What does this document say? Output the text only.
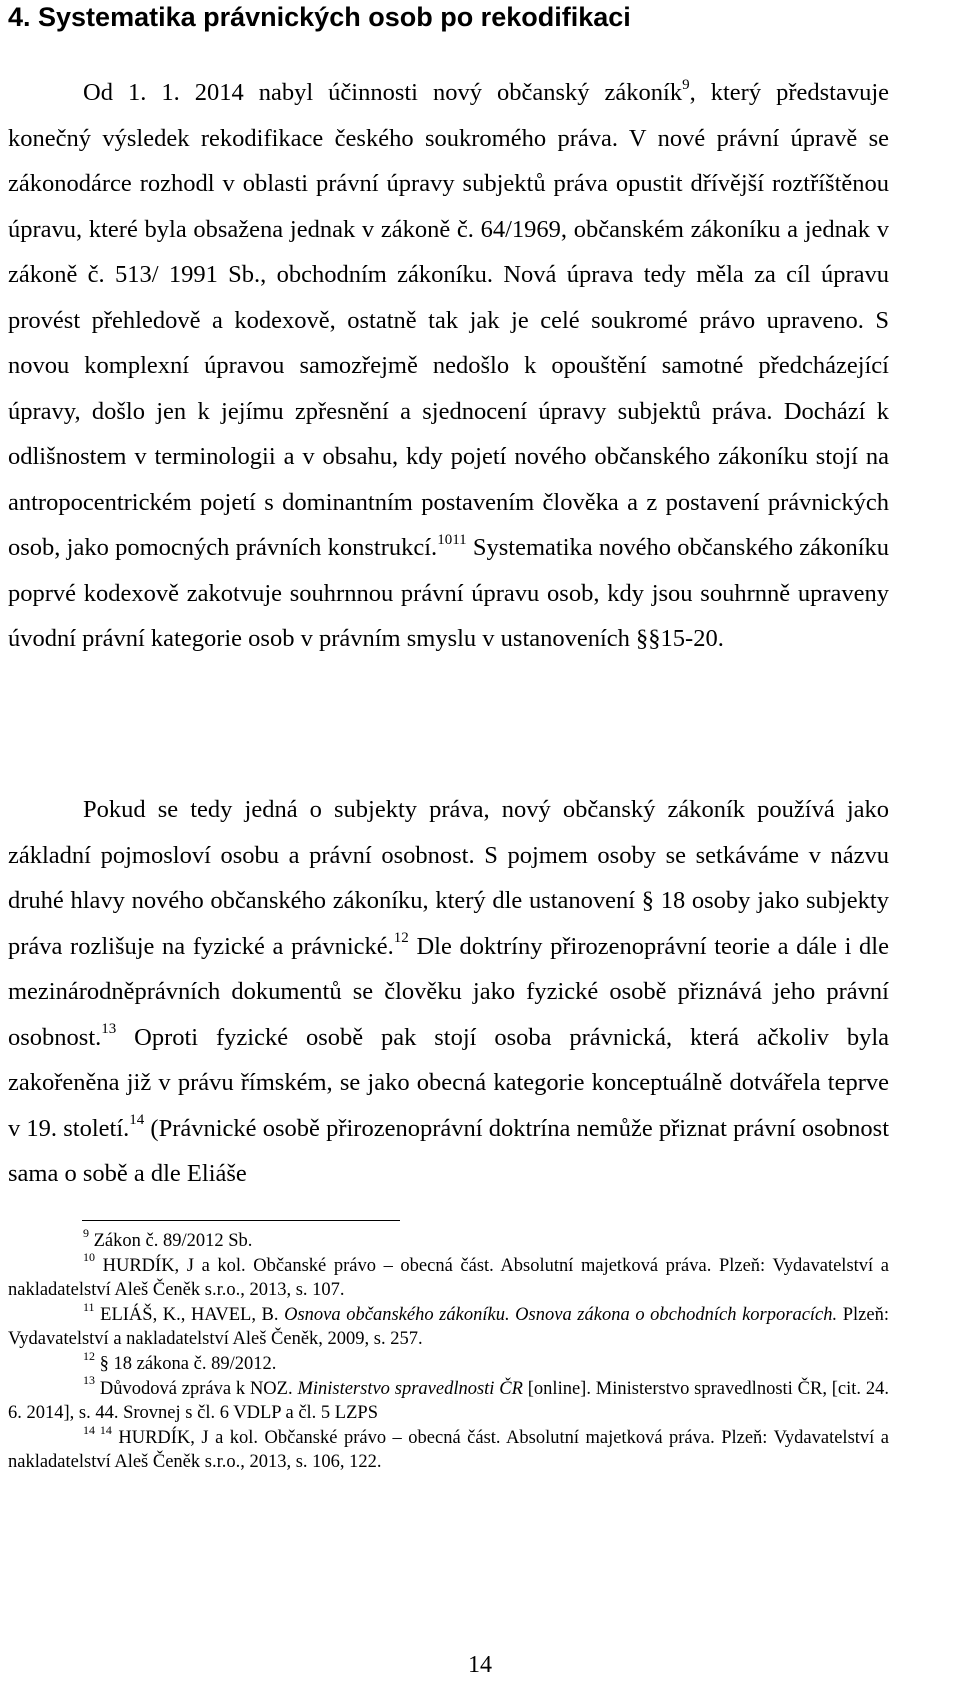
4. Systematika právnických osob po rekodifikaci

Od 1. 1. 2014 nabyl účinnosti nový občanský zákoník$^9$, který představuje konečný výsledek rekodifikace českého soukromého práva. V nové právní úpravě se zákonodárce rozhodl v oblasti právní úpravy subjektů práva opustit dřívější roztříštěnou úpravu, které byla obsažena jednak v zákoně č. 64/1969, občanském zákoníku a jednak v zákoně č. 513/ 1991 Sb., obchodním zákoníku. Nová úprava tedy měla za cíl úpravu provést přehledově a kodexově, ostatně tak jak je celé soukromé právo upraveno. S novou komplexní úpravou samozřejmě nedošlo k opouštění samotné předcházející úpravy, došlo jen k jejímu zpřesnění a sjednocení úpravy subjektů práva. Dochází k odlišnostem v terminologii a v obsahu, kdy pojetí nového občanského zákoníku stojí na antropocentrickém pojetí s dominantním postavením člověka a z postavení právnických osob, jako pomocných právních konstrukcí.$^{1011}$ Systematika nového občanského zákoníku poprvé kodexově zakotvuje souhrnnou právní úpravu osob, kdy jsou souhrnně upraveny úvodní právní kategorie osob v právním smyslu v ustanoveních §§15-20.

Pokud se tedy jedná o subjekty práva, nový občanský zákoník používá jako základní pojmosloví osobu a právní osobnost. S pojmem osoby se setkáváme v názvu druhé hlavy nového občanského zákoníku, který dle ustanovení § 18 osoby jako subjekty práva rozlišuje na fyzické a právnické.$^{12}$ Dle doktríny přirozenoprávní teorie a dále i dle mezinárodněprávních dokumentů se člověku jako fyzické osobě přiznává jeho právní osobnost.$^{13}$ Oproti fyzické osobě pak stojí osoba právnická, která ačkoliv byla zakořeněna již v právu římském, se jako obecná kategorie konceptuálně dotvářela teprve v 19. století.$^{14}$ (Právnické osobě přirozenoprávní doktrína nemůže přiznat právní osobnost sama o sobě a dle Eliáše

$^9$ Zákon č. 89/2012 Sb.

$^{10}$ HURDÍK, J a kol. Občanské právo – obecná část. Absolutní majetková práva. Plzeň: Vydavatelství a nakladatelství Aleš Čeněk s.r.o., 2013, s. 107.

$^{11}$ ELIÁŠ, K., HAVEL, B. Osnova občanského zákoníku. Osnova zákona o obchodních korporacích. Plzeň: Vydavatelství a nakladatelství Aleš Čeněk, 2009, s. 257.

$^{12}$ § 18 zákona č. 89/2012.

$^{13}$ Důvodová zpráva k NOZ. Ministerstvo spravedlnosti ČR [online]. Ministerstvo spravedlnosti ČR, [cit. 24. 6. 2014], s. 44. Srovnej s čl. 6 VDLP a čl. 5 LZPS

$^{14 14}$ HURDÍK, J a kol. Občanské právo – obecná část. Absolutní majetková práva. Plzeň: Vydavatelství a nakladatelství Aleš Čeněk s.r.o., 2013, s. 106, 122.

14
